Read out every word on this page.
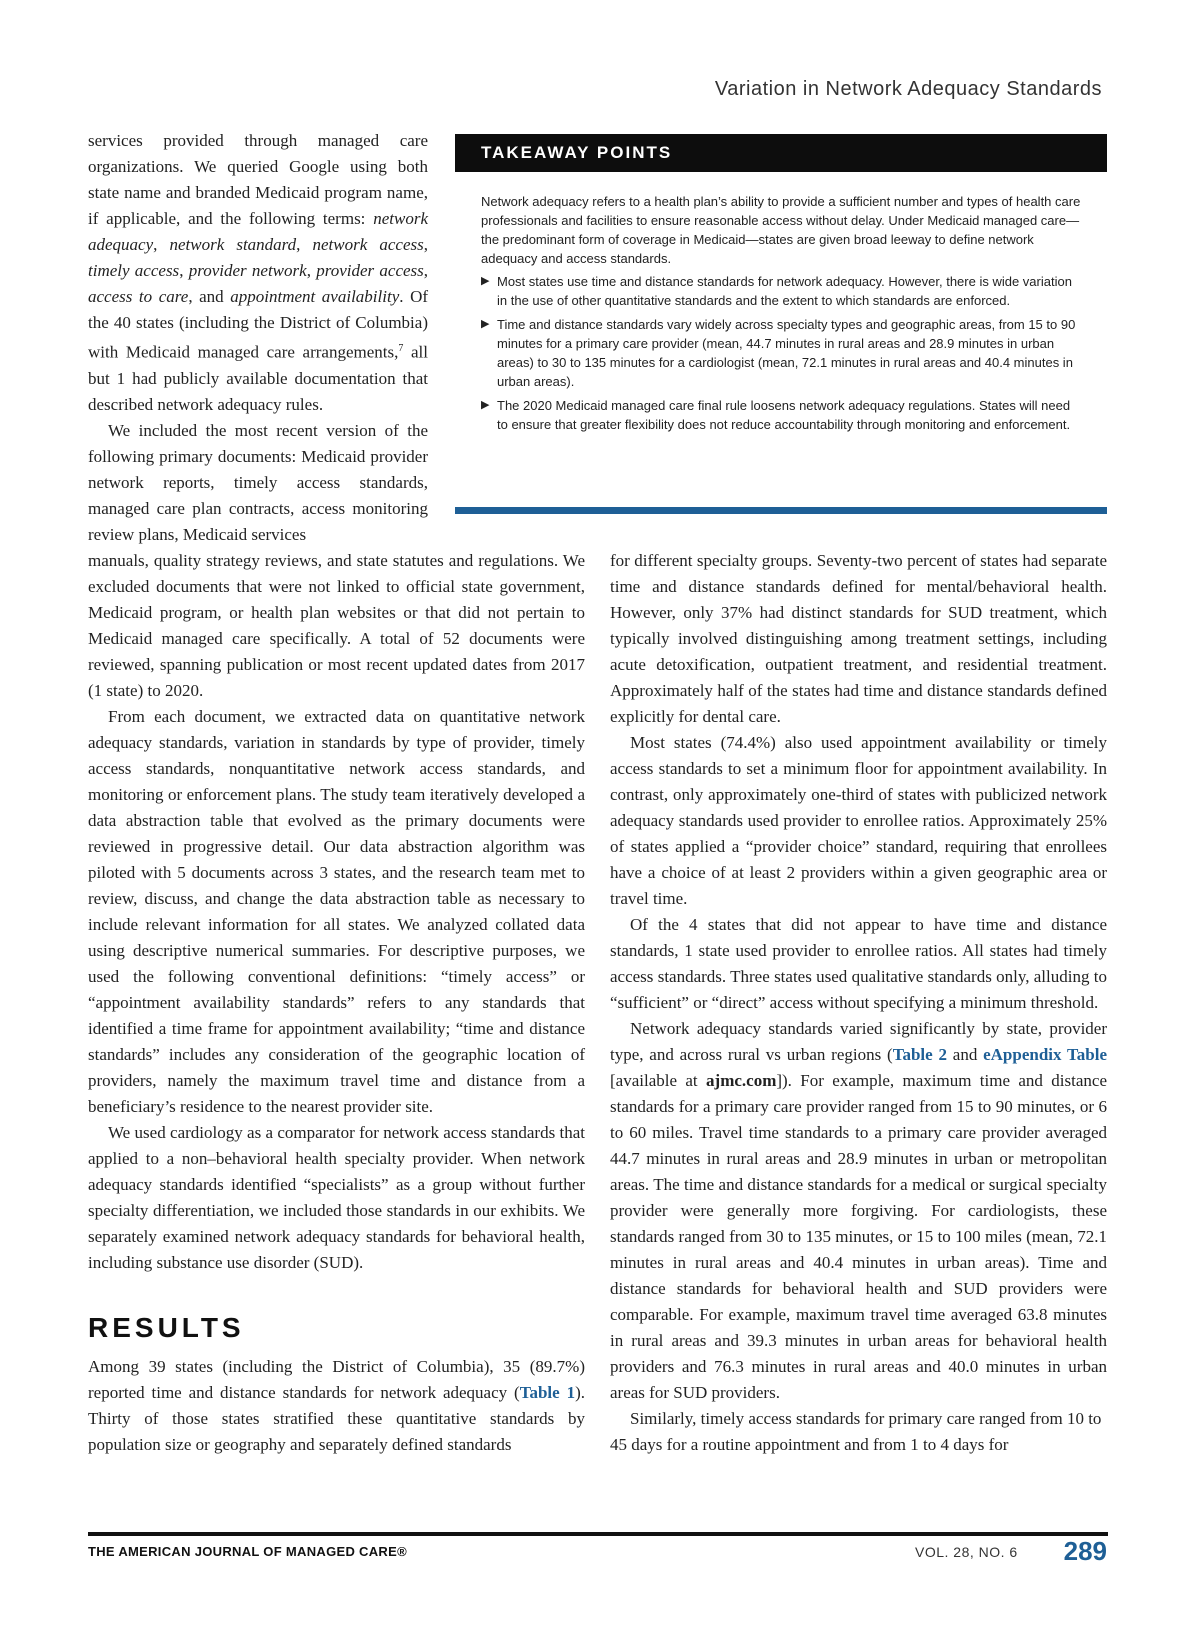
Variation in Network Adequacy Standards

services provided through managed care organizations. We queried Google using both state name and branded Medicaid program name, if applicable, and the following terms: network adequacy, network standard, network access, timely access, provider network, provider access, access to care, and appointment availability. Of the 40 states (including the District of Columbia) with Medicaid managed care arrangements,$^7$ all but 1 had publicly available documentation that described network adequacy rules.

We included the most recent version of the following primary documents: Medicaid provider network reports, timely access standards, managed care plan contracts, access monitoring review plans, Medicaid services

TAKEAWAY POINTS

Network adequacy refers to a health plan’s ability to provide a sufficient number and types of health care professionals and facilities to ensure reasonable access without delay. Under Medicaid managed care—the predominant form of coverage in Medicaid—states are given broad leeway to define network adequacy and access standards.

▶ Most states use time and distance standards for network adequacy. However, there is wide variation in the use of other quantitative standards and the extent to which standards are enforced.
▶ Time and distance standards vary widely across specialty types and geographic areas, from 15 to 90 minutes for a primary care provider (mean, 44.7 minutes in rural areas and 28.9 minutes in urban areas) to 30 to 135 minutes for a cardiologist (mean, 72.1 minutes in rural areas and 40.4 minutes in urban areas).
▶ The 2020 Medicaid managed care final rule loosens network adequacy regulations. States will need to ensure that greater flexibility does not reduce accountability through monitoring and enforcement.

manuals, quality strategy reviews, and state statutes and regulations. We excluded documents that were not linked to official state government, Medicaid program, or health plan websites or that did not pertain to Medicaid managed care specifically. A total of 52 documents were reviewed, spanning publication or most recent updated dates from 2017 (1 state) to 2020.

From each document, we extracted data on quantitative network adequacy standards, variation in standards by type of provider, timely access standards, nonquantitative network access standards, and monitoring or enforcement plans. The study team iteratively developed a data abstraction table that evolved as the primary documents were reviewed in progressive detail. Our data abstraction algorithm was piloted with 5 documents across 3 states, and the research team met to review, discuss, and change the data abstraction table as necessary to include relevant information for all states. We analyzed collated data using descriptive numerical summaries. For descriptive purposes, we used the following conventional definitions: “timely access” or “appointment availability standards” refers to any standards that identified a time frame for appointment availability; “time and distance standards” includes any consideration of the geographic location of providers, namely the maximum travel time and distance from a beneficiary’s residence to the nearest provider site.

We used cardiology as a comparator for network access standards that applied to a non–behavioral health specialty provider. When network adequacy standards identified “specialists” as a group without further specialty differentiation, we included those standards in our exhibits. We separately examined network adequacy standards for behavioral health, including substance use disorder (SUD).

RESULTS

Among 39 states (including the District of Columbia), 35 (89.7%) reported time and distance standards for network adequacy (Table 1). Thirty of those states stratified these quantitative standards by population size or geography and separately defined standards

for different specialty groups. Seventy-two percent of states had separate time and distance standards defined for mental/behavioral health. However, only 37% had distinct standards for SUD treatment, which typically involved distinguishing among treatment settings, including acute detoxification, outpatient treatment, and residential treatment. Approximately half of the states had time and distance standards defined explicitly for dental care.

Most states (74.4%) also used appointment availability or timely access standards to set a minimum floor for appointment availability. In contrast, only approximately one-third of states with publicized network adequacy standards used provider to enrollee ratios. Approximately 25% of states applied a “provider choice” standard, requiring that enrollees have a choice of at least 2 providers within a given geographic area or travel time.

Of the 4 states that did not appear to have time and distance standards, 1 state used provider to enrollee ratios. All states had timely access standards. Three states used qualitative standards only, alluding to “sufficient” or “direct” access without specifying a minimum threshold.

Network adequacy standards varied significantly by state, provider type, and across rural vs urban regions (Table 2 and eAppendix Table [available at ajmc.com]). For example, maximum time and distance standards for a primary care provider ranged from 15 to 90 minutes, or 6 to 60 miles. Travel time standards to a primary care provider averaged 44.7 minutes in rural areas and 28.9 minutes in urban or metropolitan areas. The time and distance standards for a medical or surgical specialty provider were generally more forgiving. For cardiologists, these standards ranged from 30 to 135 minutes, or 15 to 100 miles (mean, 72.1 minutes in rural areas and 40.4 minutes in urban areas). Time and distance standards for behavioral health and SUD providers were comparable. For example, maximum travel time averaged 63.8 minutes in rural areas and 39.3 minutes in urban areas for behavioral health providers and 76.3 minutes in rural areas and 40.0 minutes in urban areas for SUD providers.

Similarly, timely access standards for primary care ranged from 10 to 45 days for a routine appointment and from 1 to 4 days for

THE AMERICAN JOURNAL OF MANAGED CARE®	VOL. 28, NO. 6 289
